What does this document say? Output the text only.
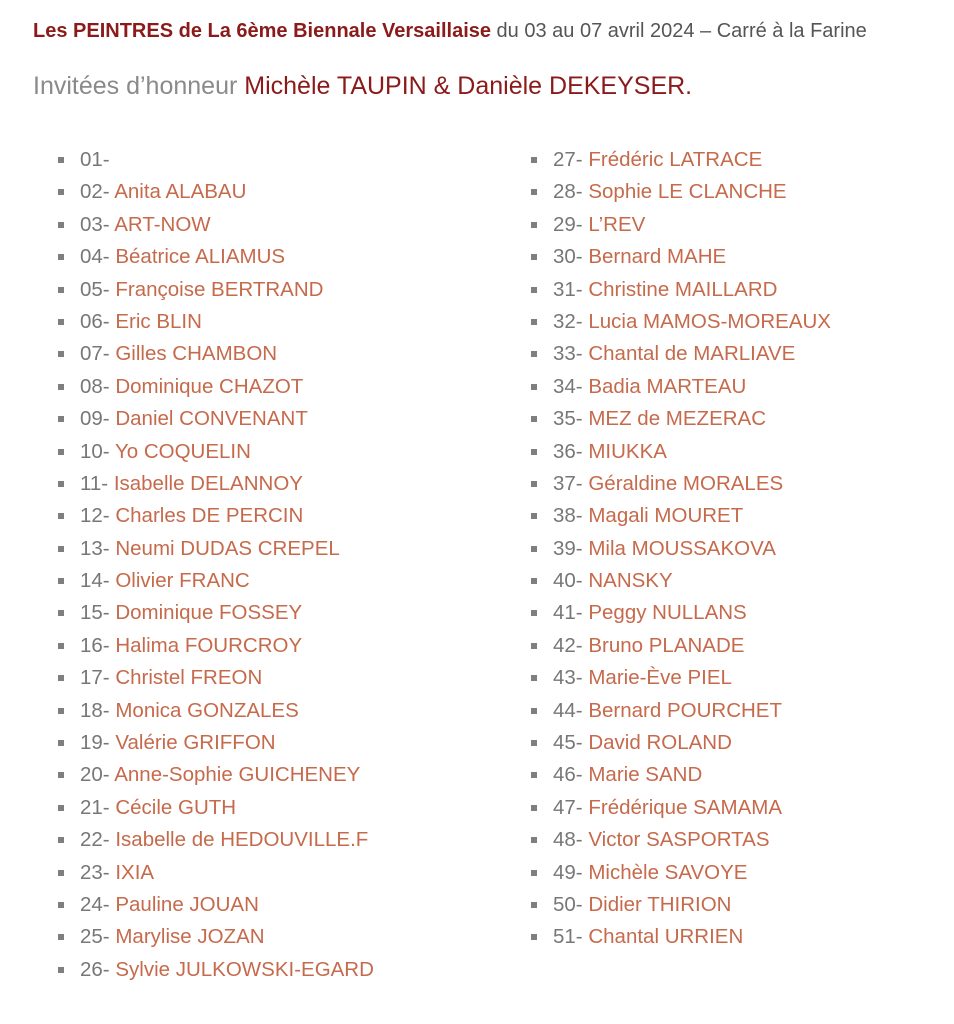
Les PEINTRES de La 6ème Biennale Versaillaise du 03 au 07 avril 2024 – Carré à la Farine
Invitées d’honneur Michèle TAUPIN & Danièle DEKEYSER.
01-
02- Anita ALABAU
03- ART-NOW
04- Béatrice ALIAMUS
05- Françoise BERTRAND
06- Eric BLIN
07- Gilles CHAMBON
08- Dominique CHAZOT
09- Daniel CONVENANT
10- Yo COQUELIN
11- Isabelle DELANNOY
12- Charles DE PERCIN
13- Neumi DUDAS CREPEL
14- Olivier FRANC
15- Dominique FOSSEY
16- Halima FOURCROY
17- Christel FREON
18- Monica GONZALES
19- Valérie GRIFFON
20- Anne-Sophie GUICHENEY
21- Cécile GUTH
22- Isabelle de HEDOUVILLE.F
23- IXIA
24- Pauline JOUAN
25- Marylise JOZAN
26- Sylvie JULKOWSKI-EGARD
27- Frédéric LATRACE
28- Sophie LE CLANCHE
29- L’REV
30- Bernard MAHE
31- Christine MAILLARD
32- Lucia MAMOS-MOREAUX
33- Chantal de MARLIAVE
34- Badia MARTEAU
35- MEZ de MEZERAC
36- MIUKKA
37- Géraldine MORALES
38- Magali MOURET
39- Mila MOUSSAKOVA
40- NANSKY
41- Peggy NULLANS
42- Bruno PLANADE
43- Marie-Ève PIEL
44- Bernard POURCHET
45- David ROLAND
46- Marie SAND
47- Frédérique SAMAMA
48- Victor SASPORTAS
49- Michèle SAVOYE
50- Didier THIRION
51- Chantal URRIEN
